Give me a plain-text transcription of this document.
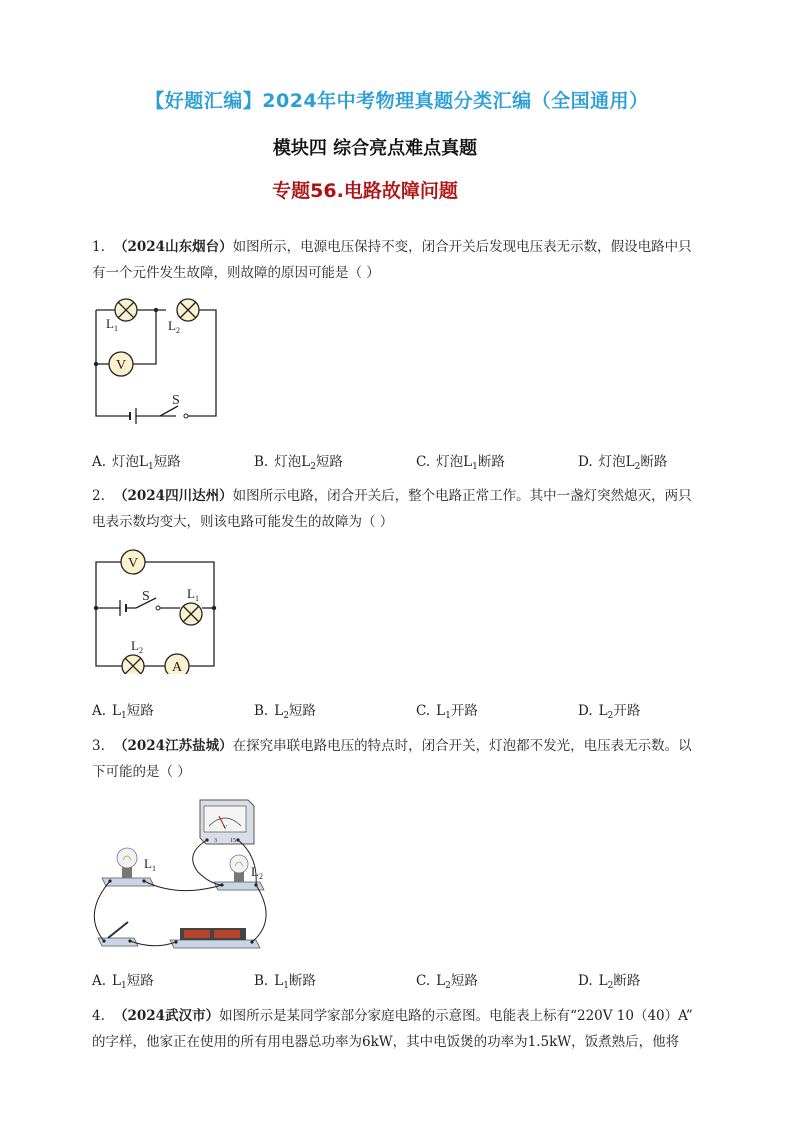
【好题汇编】2024年中考物理真题分类汇编（全国通用）
模块四 综合亮点难点真题
专题56.电路故障问题
1. （2024山东烟台）如图所示，电源电压保持不变，闭合开关后发现电压表无示数，假设电路中只
有一个元件发生故障，则故障的原因可能是（ ）
V
$L_1$	$L_2$
S
A. 灯泡$L_1$短路	B. 灯泡$L_2$短路	C. 灯泡$L_1$断路	D. 灯泡$L_2$断路
2. （2024四川达州）如图所示电路，闭合开关后，整个电路正常工作。其中一盏灯突然熄灭，两只
电表示数均变大，则该电路可能发生的故障为（ ）
V
A
S	$L_1$
$L_2$
A. $L_1$短路	B. $L_2$短路	C. $L_1$开路	D. $L_2$开路
3. （2024江苏盐城）在探究串联电路电压的特点时，闭合开关，灯泡都不发光，电压表无示数。以
下可能的是（ ）
V
3 15
$L_1$	$L_2$
A. $L_1$短路	B. $L_1$断路	C. $L_2$短路	D. $L_2$断路
4. （2024武汉市）如图所示是某同学家部分家庭电路的示意图。电能表上标有“220V 10（40）A”
的字样，他家正在使用的所有用电器总功率为6kW，其中电饭煲的功率为1.5kW，饭煮熟后，他将
